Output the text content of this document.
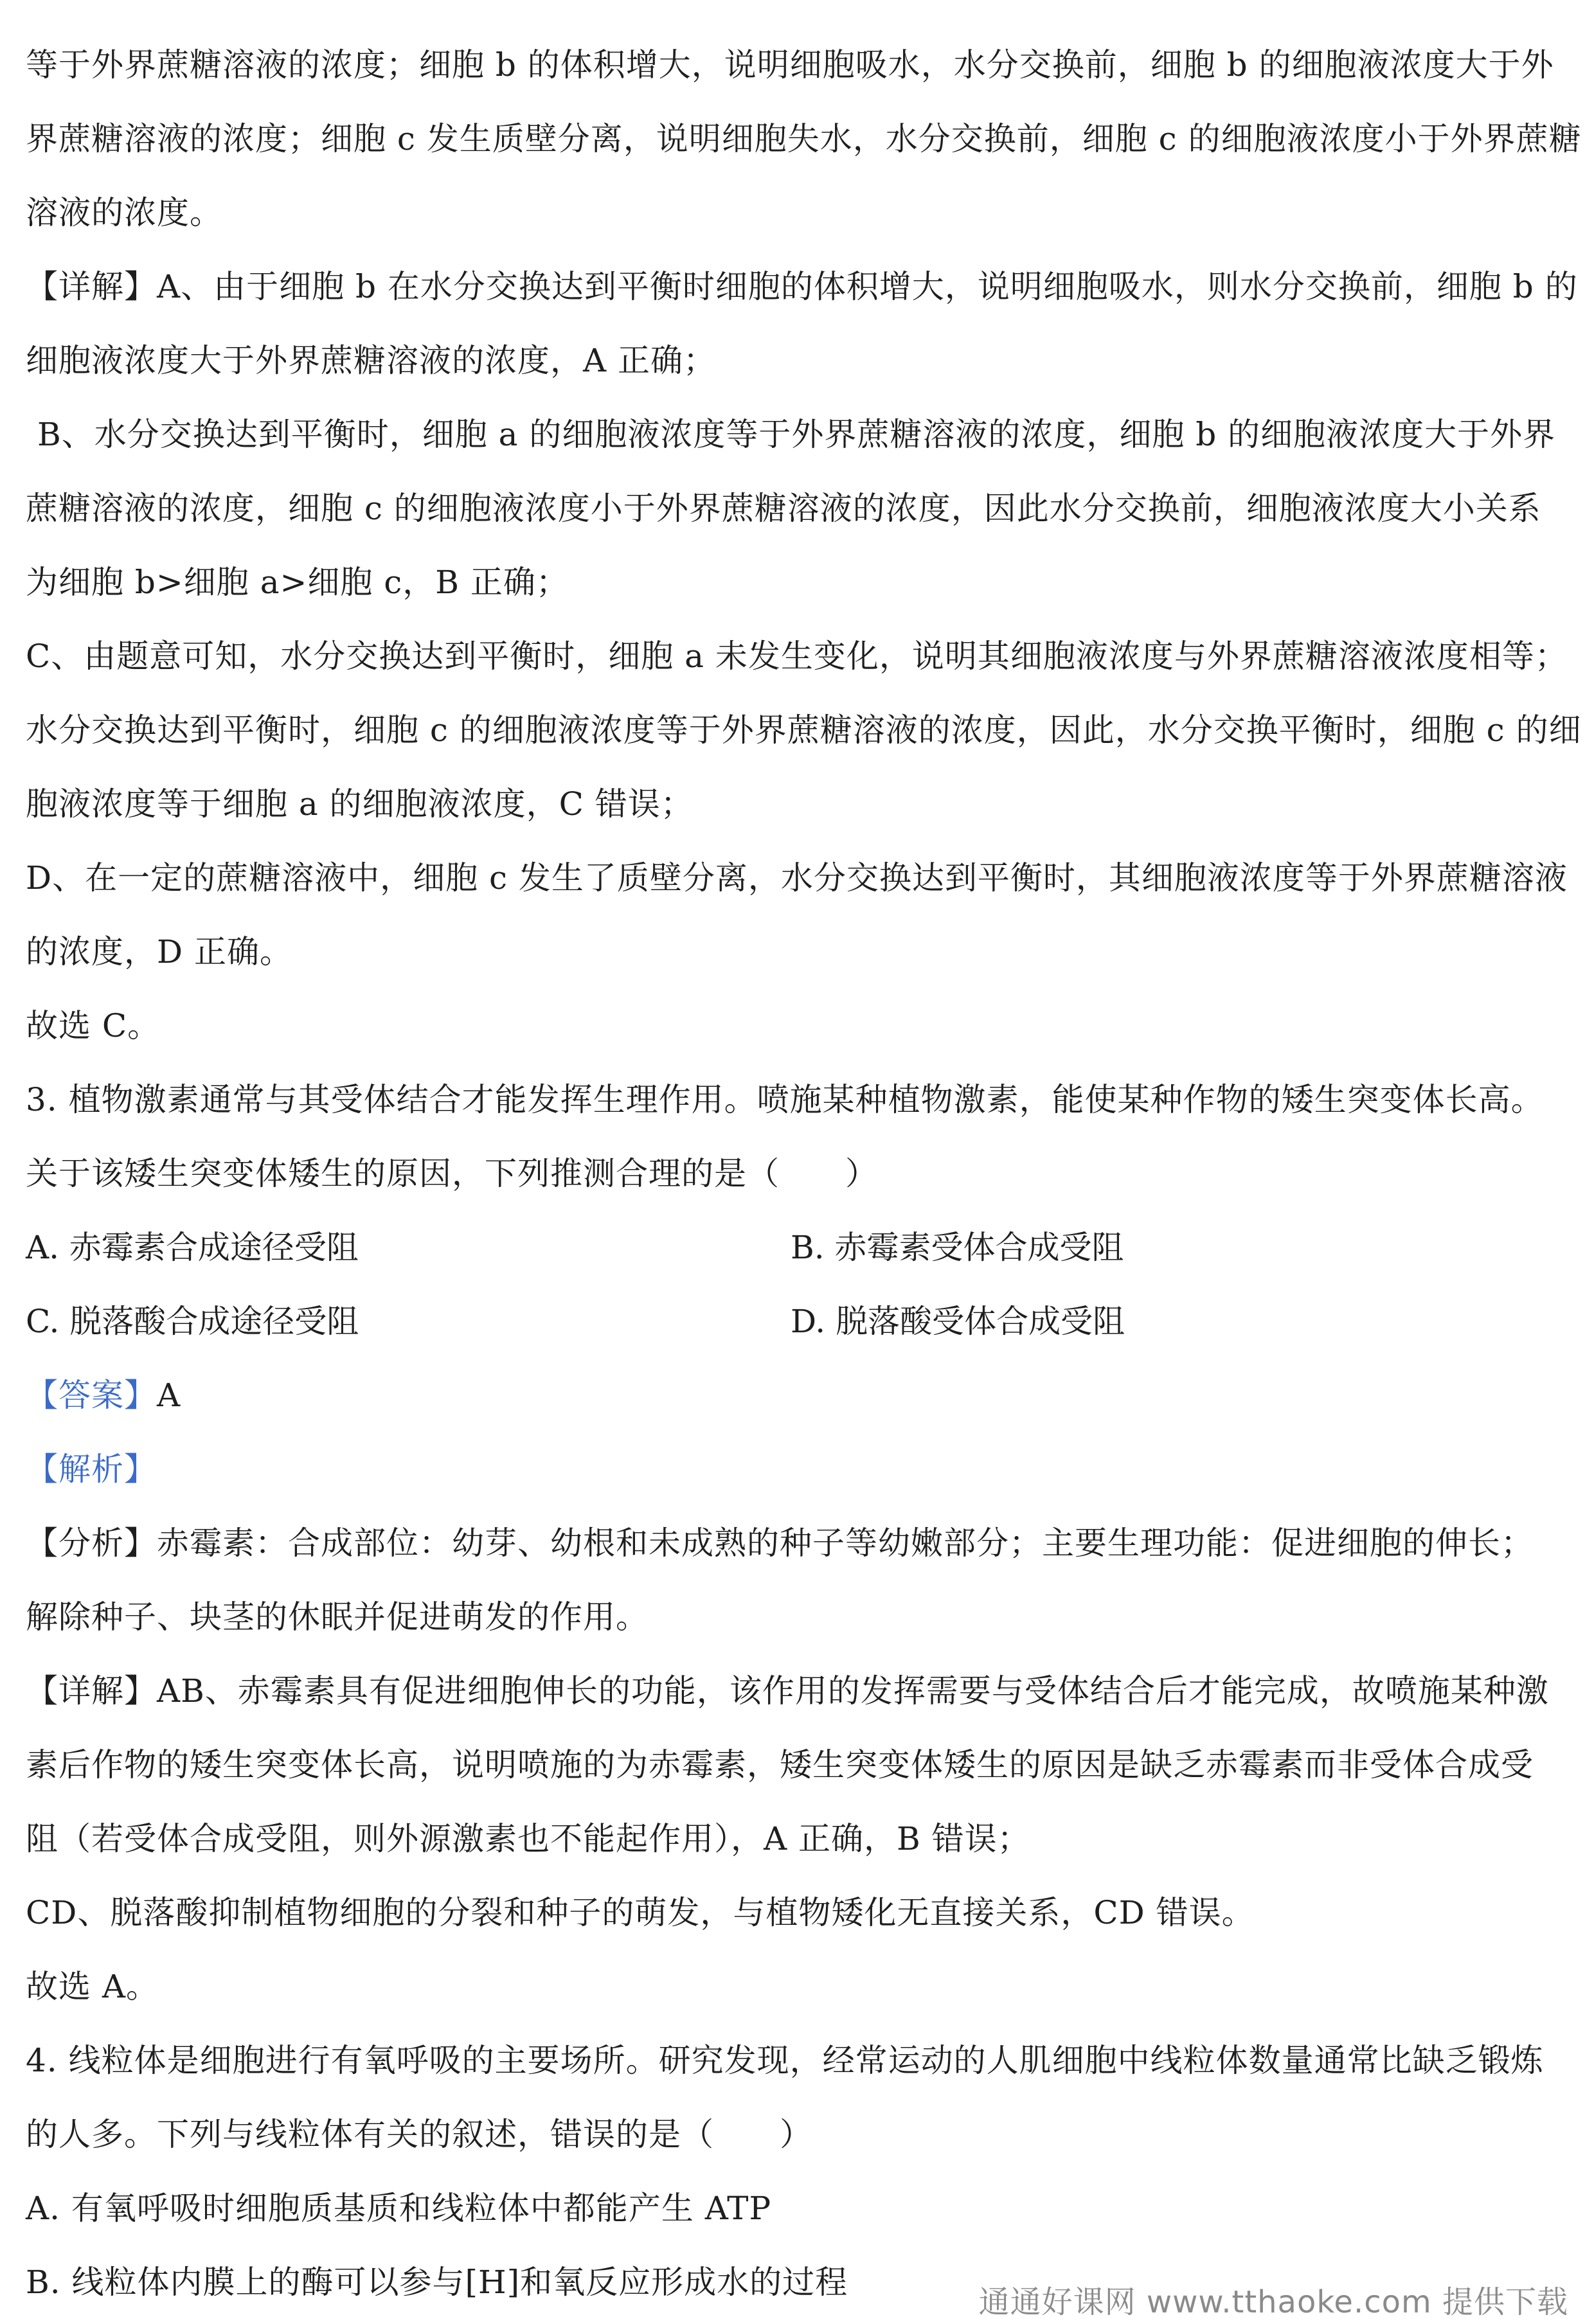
等于外界蔗糖溶液的浓度；细胞 b 的体积增大，说明细胞吸水，水分交换前，细胞 b 的细胞液浓度大于外
界蔗糖溶液的浓度；细胞 c 发生质壁分离，说明细胞失水，水分交换前，细胞 c 的细胞液浓度小于外界蔗糖
溶液的浓度。
【详解】A、由于细胞 b 在水分交换达到平衡时细胞的体积增大，说明细胞吸水，则水分交换前，细胞 b 的
细胞液浓度大于外界蔗糖溶液的浓度，A 正确；
B、水分交换达到平衡时，细胞 a 的细胞液浓度等于外界蔗糖溶液的浓度，细胞 b 的细胞液浓度大于外界
蔗糖溶液的浓度，细胞 c 的细胞液浓度小于外界蔗糖溶液的浓度，因此水分交换前，细胞液浓度大小关系
为细胞 b>细胞 a>细胞 c，B 正确；
C、由题意可知，水分交换达到平衡时，细胞 a 未发生变化，说明其细胞液浓度与外界蔗糖溶液浓度相等；
水分交换达到平衡时，细胞 c 的细胞液浓度等于外界蔗糖溶液的浓度，因此，水分交换平衡时，细胞 c 的细
胞液浓度等于细胞 a 的细胞液浓度，C 错误；
D、在一定的蔗糖溶液中，细胞 c 发生了质壁分离，水分交换达到平衡时，其细胞液浓度等于外界蔗糖溶液
的浓度，D 正确。
故选 C。
3. 植物激素通常与其受体结合才能发挥生理作用。喷施某种植物激素，能使某种作物的矮生突变体长高。
关于该矮生突变体矮生的原因，下列推测合理的是（　　）
A. 赤霉素合成途径受阻	B. 赤霉素受体合成受阻
C. 脱落酸合成途径受阻	D. 脱落酸受体合成受阻
【答案】A
【解析】
【分析】赤霉素：合成部位：幼芽、幼根和未成熟的种子等幼嫩部分；主要生理功能：促进细胞的伸长；
解除种子、块茎的休眠并促进萌发的作用。
【详解】AB、赤霉素具有促进细胞伸长的功能，该作用的发挥需要与受体结合后才能完成，故喷施某种激
素后作物的矮生突变体长高，说明喷施的为赤霉素，矮生突变体矮生的原因是缺乏赤霉素而非受体合成受
阻（若受体合成受阻，则外源激素也不能起作用），A 正确，B 错误；
CD、脱落酸抑制植物细胞的分裂和种子的萌发，与植物矮化无直接关系，CD 错误。
故选 A。
4. 线粒体是细胞进行有氧呼吸的主要场所。研究发现，经常运动的人肌细胞中线粒体数量通常比缺乏锻炼
的人多。下列与线粒体有关的叙述，错误的是（　　）
A. 有氧呼吸时细胞质基质和线粒体中都能产生 ATP
B. 线粒体内膜上的酶可以参与[H]和氧反应形成水的过程
通通好课网 www.tthaoke.com 提供下载
